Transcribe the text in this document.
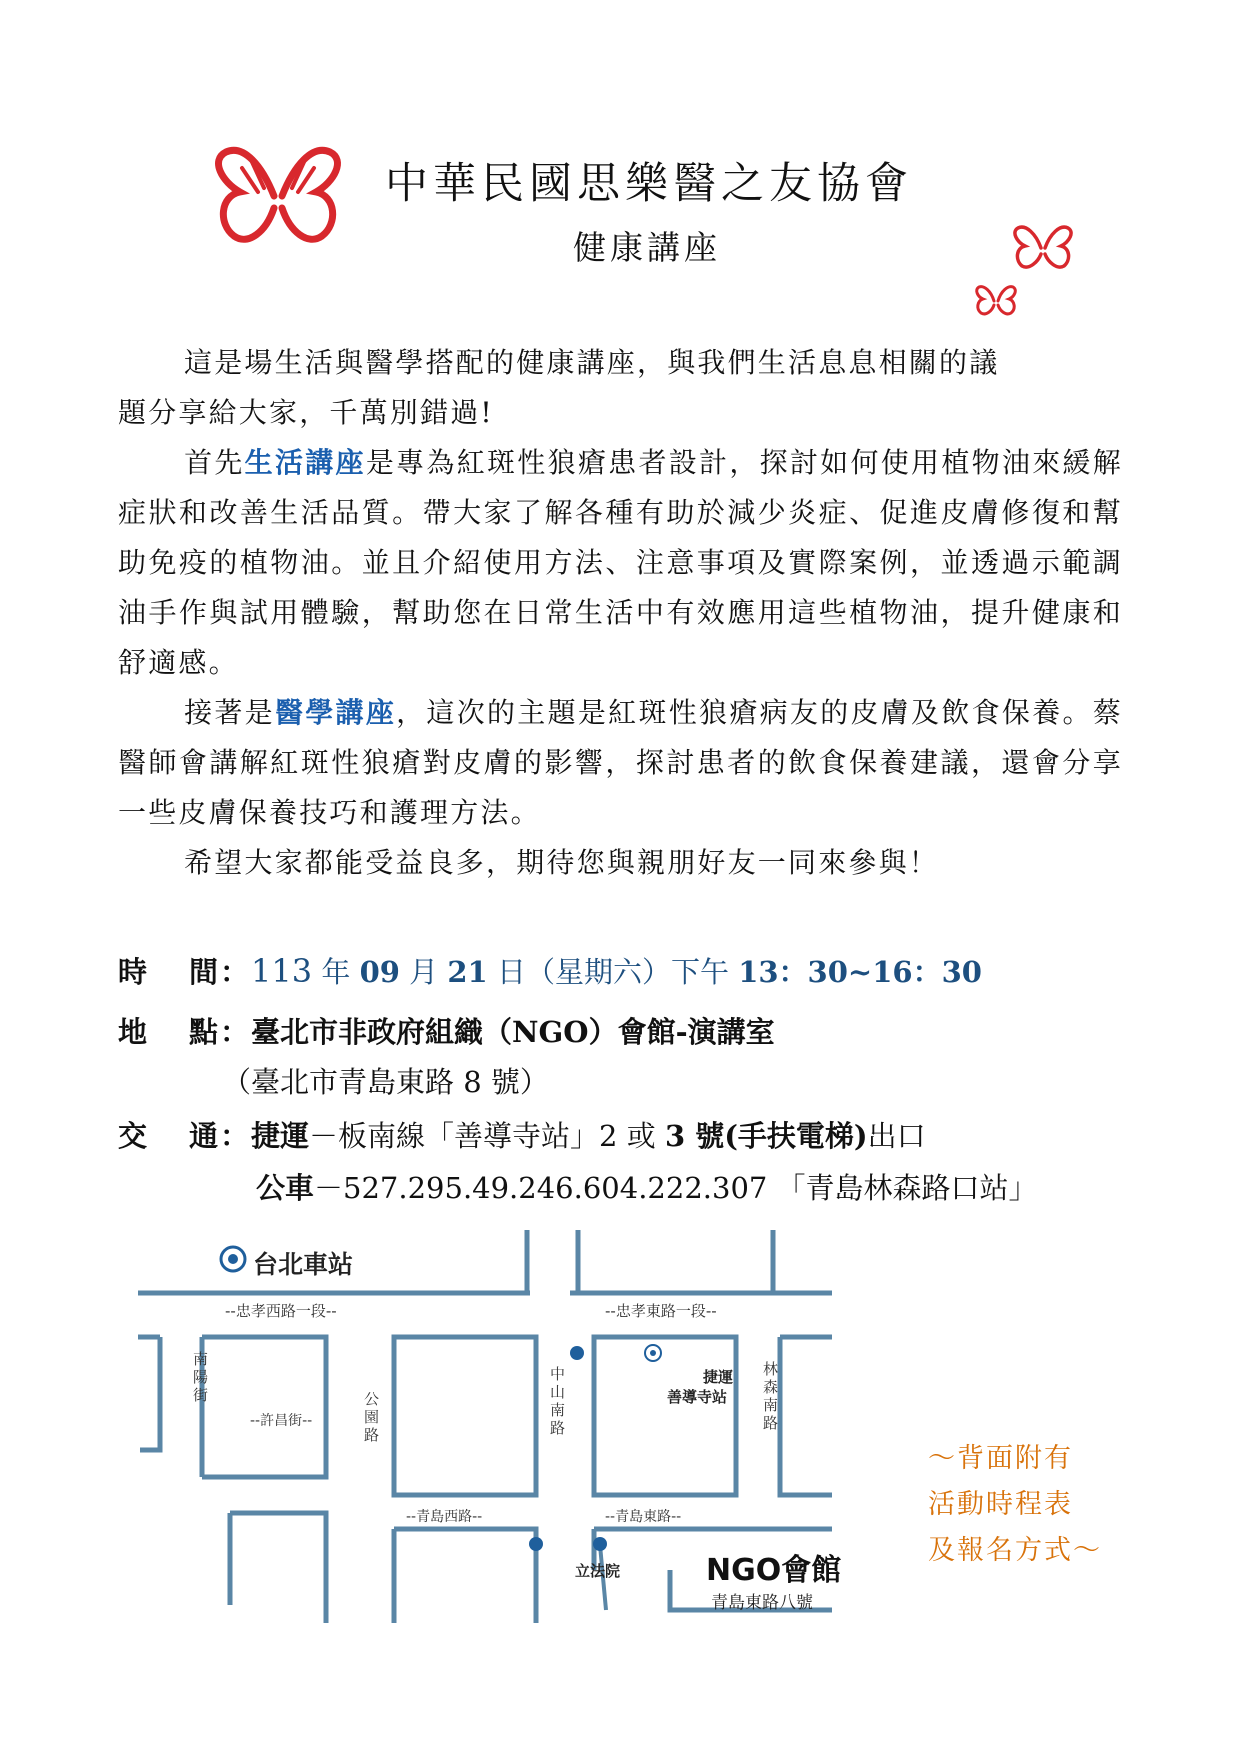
中華民國思樂醫之友協會
健康講座
這是場生活與醫學搭配的健康講座，與我們生活息息相關的議
題分享給大家，千萬別錯過!
首先生活講座是專為紅斑性狼瘡患者設計，探討如何使用植物油來緩解症狀和改善生活品質。帶大家了解各種有助於減少炎症、促進皮膚修復和幫助免疫的植物油。並且介紹使用方法、注意事項及實際案例，並透過示範調油手作與試用體驗，幫助您在日常生活中有效應用這些植物油，提升健康和舒適感。
接著是醫學講座，這次的主題是紅斑性狼瘡病友的皮膚及飲食保養。蔡醫師會講解紅斑性狼瘡對皮膚的影響，探討患者的飲食保養建議，還會分享一些皮膚保養技巧和護理方法。
希望大家都能受益良多，期待您與親朋好友一同來參與！
時 間：113 年 09 月 21 日（星期六）下午 13：30~16：30
地 點：臺北市非政府組織（NGO）會館-演講室
（臺北市青島東路 8 號）
交 通：捷運－板南線「善導寺站」2 或 3 號(手扶電梯)出口
公車－527.295.49.246.604.222.307 「青島林森路口站」
台北車站
--忠孝西路一段--	--忠孝東路一段--
南陽街
--許昌街--
公園路
中山南路
林森南路
--青島西路--	--青島東路--
捷運
善導寺站
立法院	NGO會館
青島東路八號
～背面附有
活動時程表
及報名方式～
